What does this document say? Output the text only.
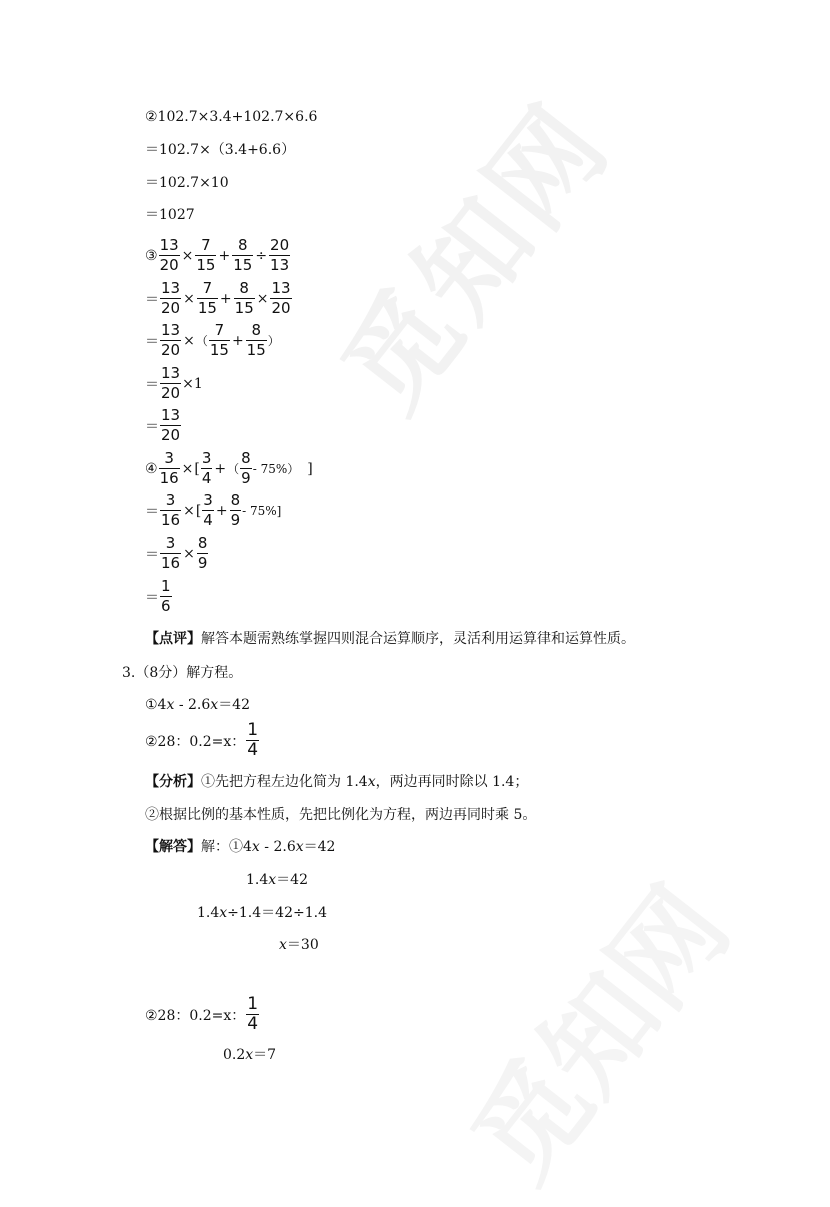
觅知网
觅知网
②102.7×3.4+102.7×6.6
＝102.7×（3.4+6.6）
＝102.7×10
＝1027
③ $\frac{13}{20} \times \frac{7}{15} + \frac{8}{15} \div \frac{20}{13}$
＝ $\frac{13}{20} \times \frac{7}{15} + \frac{8}{15} \times \frac{13}{20}$
＝ $\frac{13}{20}$ × （ $\frac{7}{15} + \frac{8}{15}$ ）
＝ $\frac{13}{20} \times 1$
＝ $\frac{13}{20}$
④ $\frac{3}{16}$ × [ $\frac{3}{4}$ + （ $\frac{8}{9} - 75\%$） ]
＝ $\frac{3}{16}$ × [ $\frac{3}{4} + \frac{8}{9} - 75\%$]
＝ $\frac{3}{16} \times \frac{8}{9}$
＝ $\frac{1}{6}$
【点评】解答本题需熟练掌握四则混合运算顺序，灵活利用运算律和运算性质。
3.（8分）解方程。
①4x - 2.6x＝42
②28：0.2=x： $\frac{1}{4}$
【分析】①先把方程左边化简为 1.4x，两边再同时除以 1.4；
②根据比例的基本性质，先把比例化为方程，两边再同时乘 5。
【解答】解：①4x - 2.6x＝42
1.4x＝42
1.4x÷1.4＝42÷1.4
x＝30
②28：0.2=x： $\frac{1}{4}$
0.2x＝7
